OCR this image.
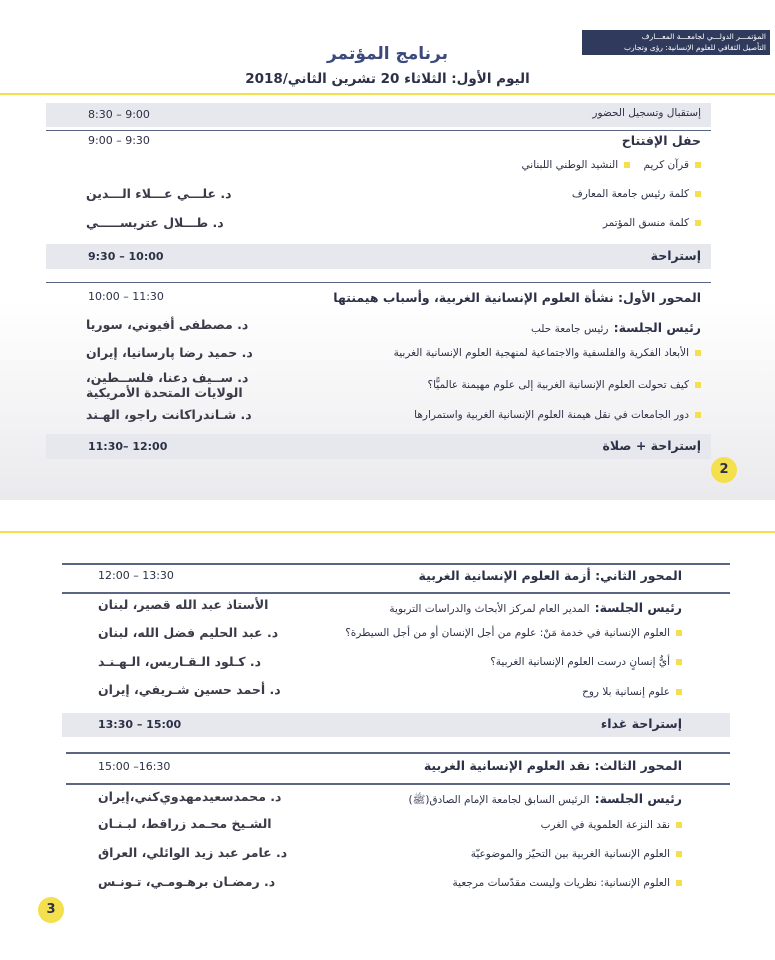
المؤتمـــر الدولـــي لجامعـــة المعـــارف
التأصيل الثقافي للعلوم الإنسانية: رؤى وتجارب
برنامج المؤتمر
اليوم الأول: الثلاثاء 20 تشرين الثاني/2018
إستقبال وتسجيل الحضور
8:30 – 9:00
حفل الإفتتاح
9:00 – 9:30
قرآن كريم    النشيد الوطني اللبناني
كلمة رئيس جامعة المعارف
د. علـــي عـــلاء الـــدين
كلمة منسق المؤتمر
د. طـــلال عتريســـــي
إستراحة
9:30 – 10:00
المحور الأول: نشأة العلوم الإنسانية الغربية، وأسباب هيمنتها
10:00 – 11:30
رئيس الجلسة: رئيس جامعة حلب
د. مصطفى أفيوني، سوريا
الأبعاد الفكرية والفلسفية والاجتماعية لمنهجية العلوم الإنسانية الغربية
د. حميد رضا پارسانيا، إيران
كيف تحولت العلوم الإنسانية الغربية إلى علوم مهيمنة عالميًّا؟
د. ســيف دعنا، فلســطين،
الولايات المتحدة الأمريكية
دور الجامعات في نقل هيمنة العلوم الإنسانية الغربية واستمرارها
د. شـاندراكانت راجو، الهـند
إستراحة + صلاة
11:30– 12:00
2
المحور الثاني: أزمة العلوم الإنسانية الغربية
12:00 – 13:30
رئيس الجلسة: المدير العام لمركز الأبحاث والدراسات التربوية
الأستاذ عبد الله قصير، لبنان
العلوم الإنسانية في خدمة مَنْ: علوم من أجل الإنسان أو من أجل السيطرة؟
د. عبد الحليم فضل الله، لبنان
أيُّ إنسانٍ درست العلوم الإنسانية الغربية؟
د. كـلود الـقـاريس، الـهـنـد
علوم إنسانية بلا روح
د. أحمد حسين شـريفي، إيران
إستراحة غداء
13:30 – 15:00
المحور الثالث: نقد العلوم الإنسانية الغربية
15:00 –16:30
رئيس الجلسة: الرئيس السابق لجامعة الإمام الصادق(ﷺ)
د. محمدسعيدمهدوي‌كني،إيران
نقد النزعة العلموية في الغرب
الشـيخ محـمد زراقط، لبـنـان
العلوم الإنسانية الغربية بين التحيّز والموضوعيّة
د. عامر عبد زيد الوائلي، العراق
العلوم الإنسانية: نظريات وليست مقدّسات مرجعية
د. رمضـان برهـومـي، تـونـس
3
